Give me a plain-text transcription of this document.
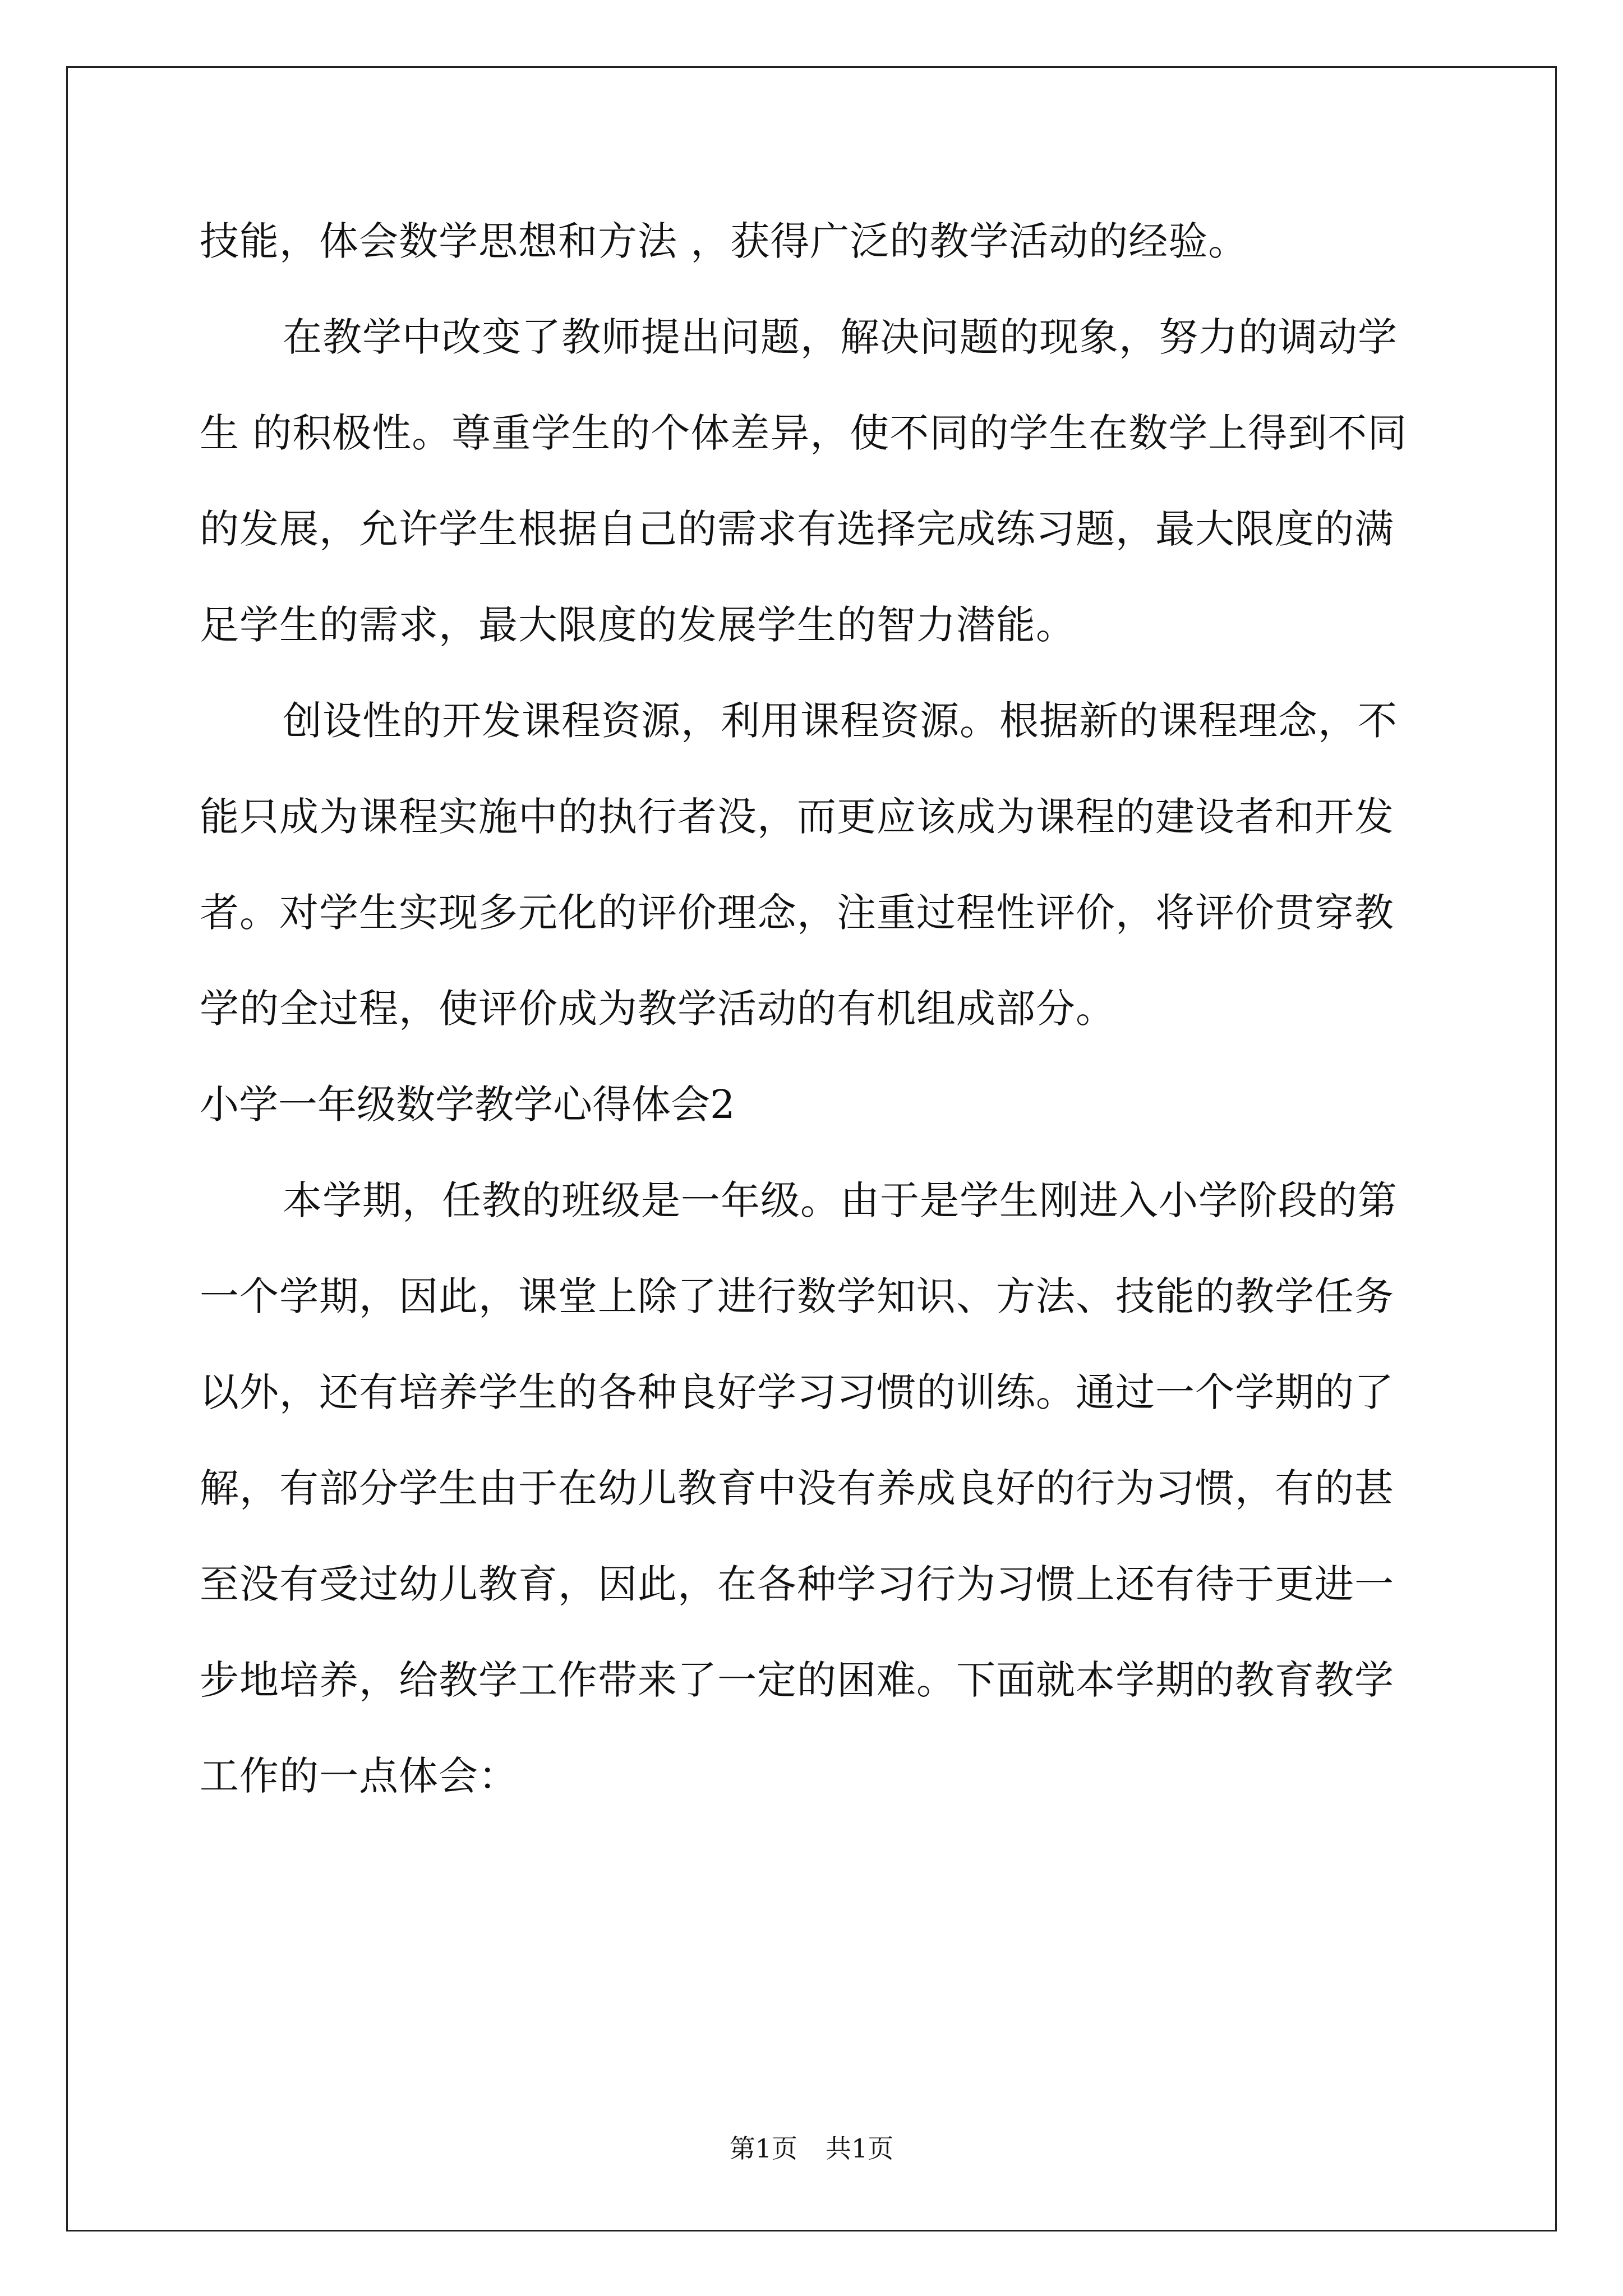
技能，体会数学思想和方法 ，获得广泛的教学活动的经验。
在教学中改变了教师提出问题，解决问题的现象，努力的调动学
生 的积极性。尊重学生的个体差异，使不同的学生在数学上得到不同
的发展，允许学生根据自己的需求有选择完成练习题，最大限度的满
足学生的需求，最大限度的发展学生的智力潜能。
创设性的开发课程资源，利用课程资源。根据新的课程理念，不
能只成为课程实施中的执行者没，而更应该成为课程的建设者和开发
者。对学生实现多元化的评价理念，注重过程性评价，将评价贯穿教
学的全过程，使评价成为教学活动的有机组成部分。
小学一年级数学教学心得体会2
本学期，任教的班级是一年级。由于是学生刚进入小学阶段的第
一个学期，因此，课堂上除了进行数学知识、方法、技能的教学任务
以外，还有培养学生的各种良好学习习惯的训练。通过一个学期的了
解，有部分学生由于在幼儿教育中没有养成良好的行为习惯，有的甚
至没有受过幼儿教育，因此，在各种学习行为习惯上还有待于更进一
步地培养，给教学工作带来了一定的困难。下面就本学期的教育教学
工作的一点体会：
第1页 共1页
